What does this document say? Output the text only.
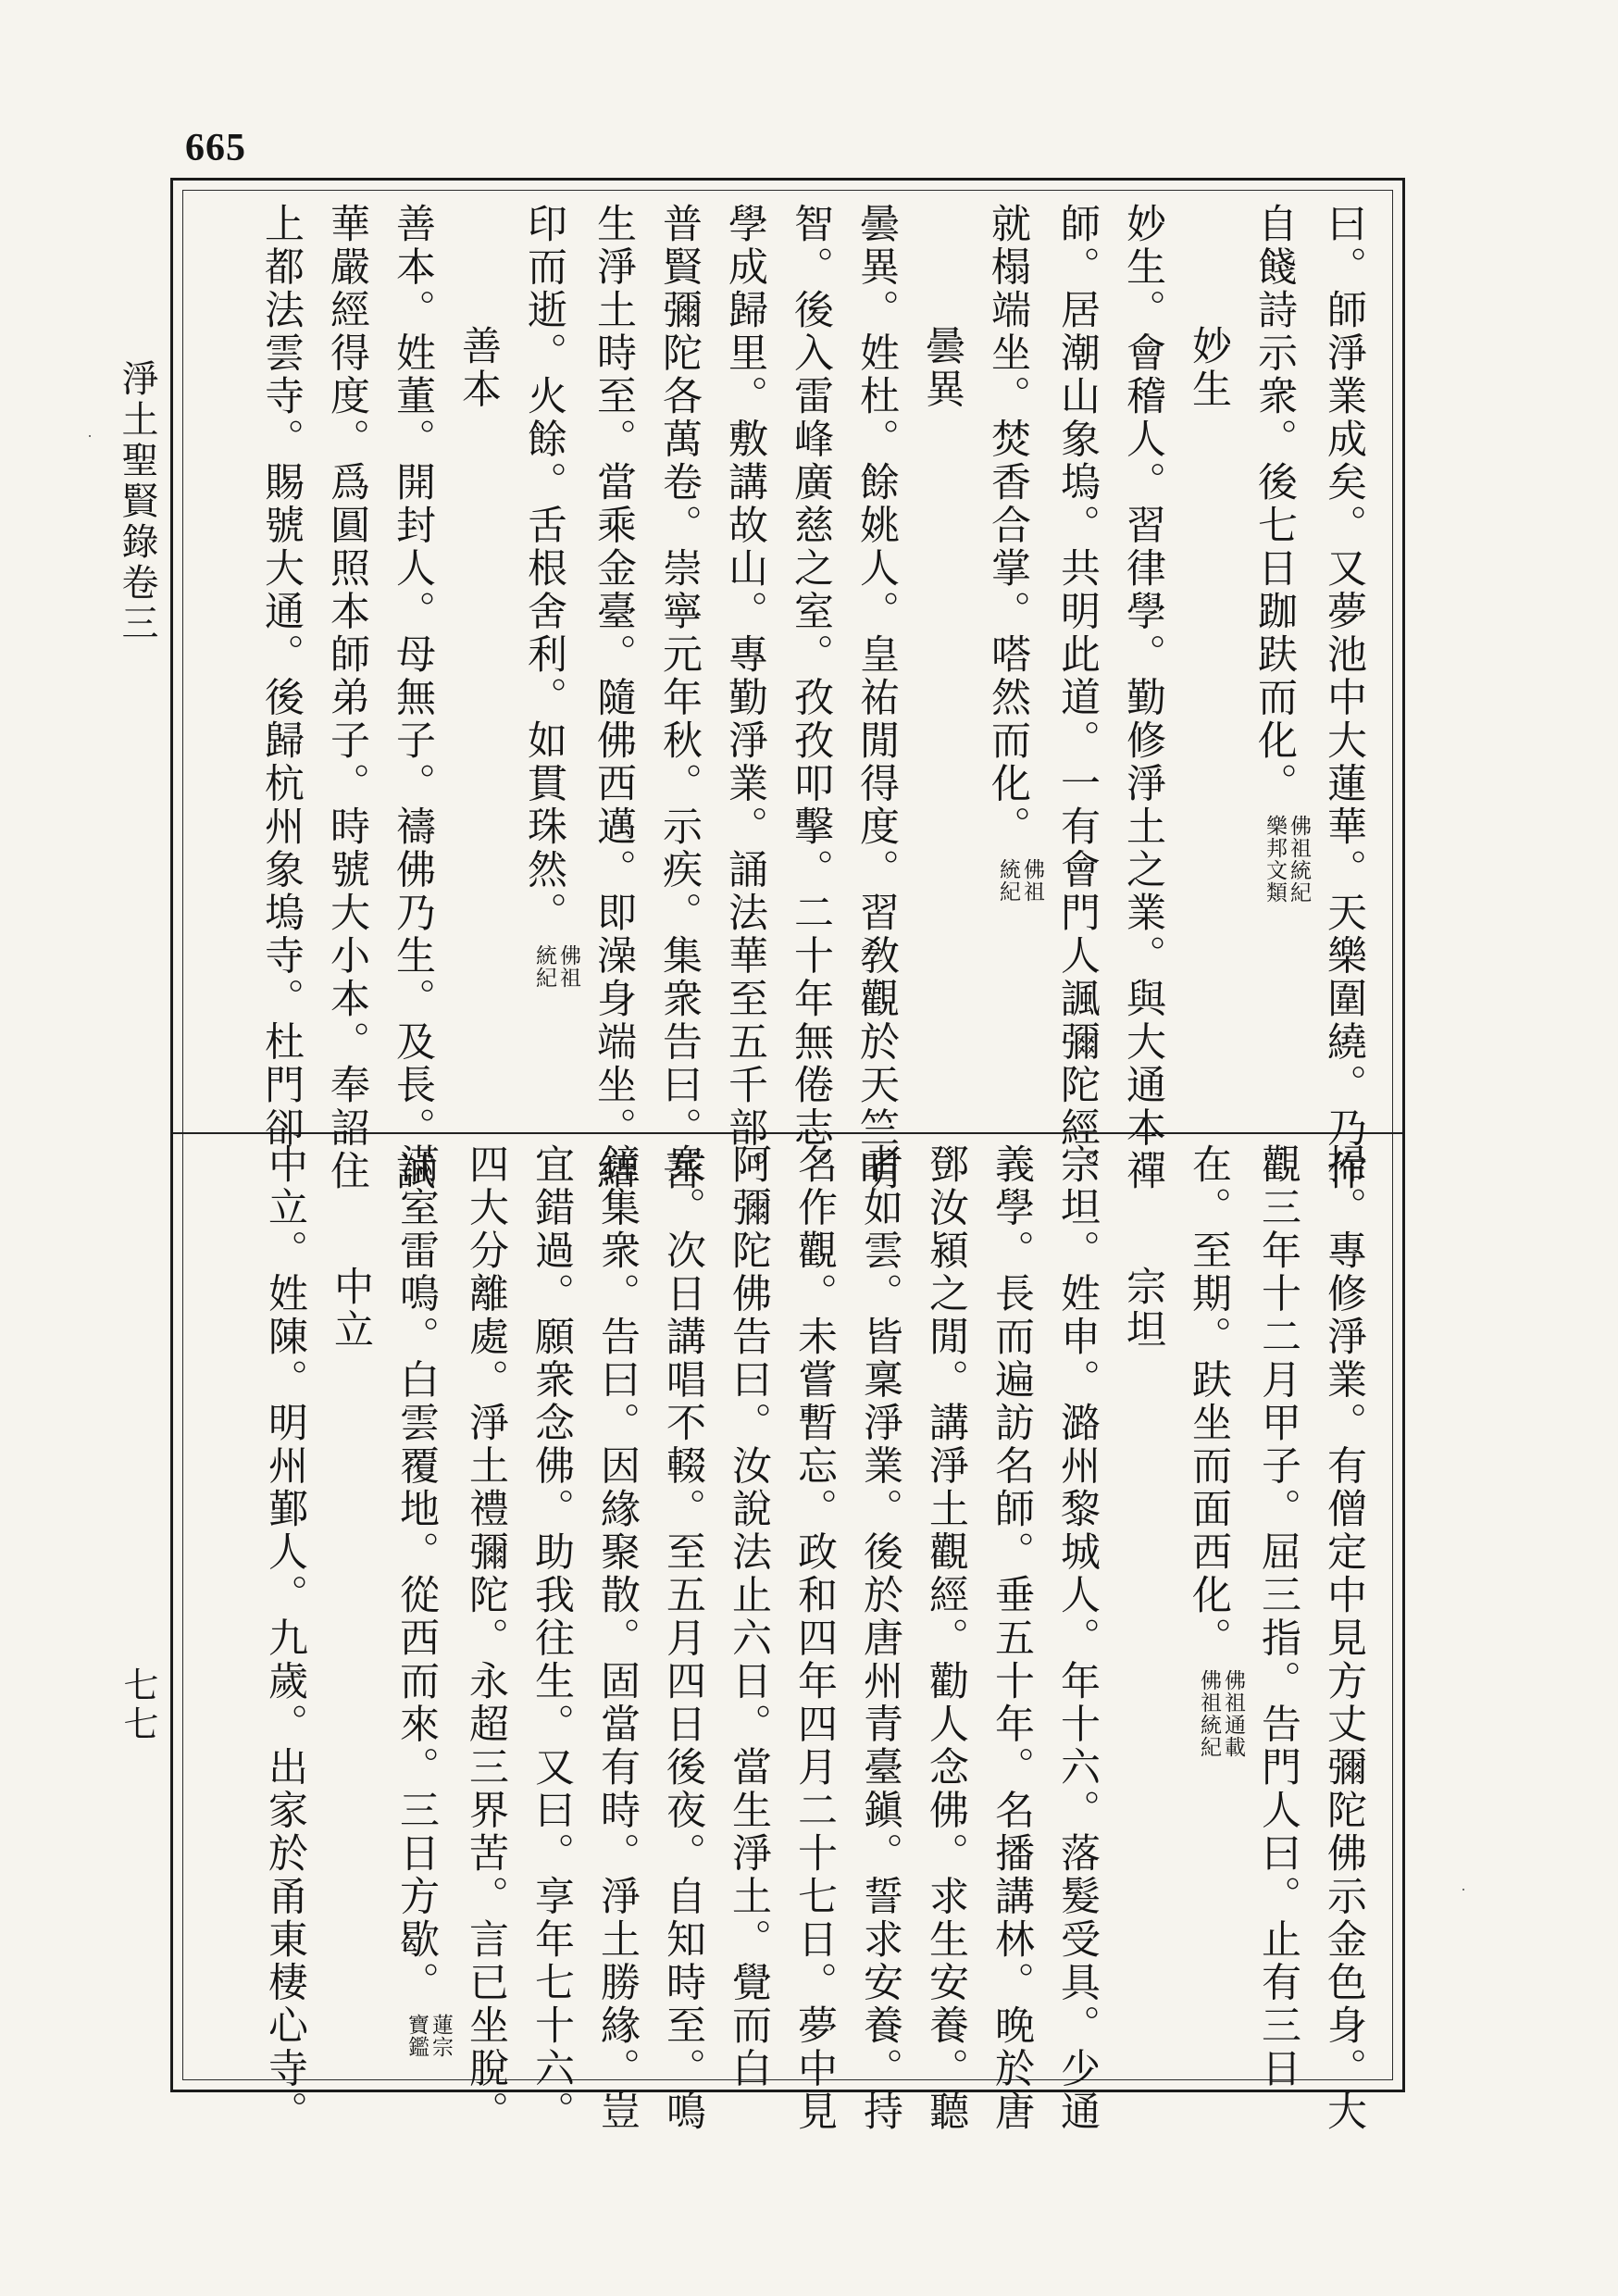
665
淨土聖賢錄卷三
七七
曰。師淨業成矣。又夢池中大蓮華。天樂圍繞。乃作
自餞詩示衆。後七日跏趺而化。
佛祖統紀
樂邦文類
妙生
妙生。會稽人。習律學。勤修淨土之業。與大通本禪
師。居潮山象塢。共明此道。一有會門人諷彌陀經。
就榻端坐。焚香合掌。嗒然而化。
佛祖
統紀
曇異
曇異。姓杜。餘姚人。皇祐閒得度。習敎觀於天竺明
智。後入雷峰廣慈之室。孜孜叩擊。二十年無倦志。
學成歸里。敷講故山。專勤淨業。誦法華至五千部。
普賢彌陀各萬卷。崇寧元年秋。示疾。集衆告曰。吾
生淨土時至。當乘金臺。隨佛西邁。即澡身端坐。結
印而逝。火餘。舌根舍利。如貫珠然。
佛祖
統紀
善本
善本。姓董。開封人。母無子。禱佛乃生。及長。試
華嚴經得度。爲圓照本師弟子。時號大小本。奉詔住
上都法雲寺。賜號大通。後歸杭州象塢寺。杜門卻
掃。專修淨業。有僧定中見方丈彌陀佛示金色身。大
觀三年十二月甲子。屈三指。告門人曰。止有三日
在。至期。趺坐而面西化。
佛祖通載
佛祖統紀
宗坦
宗坦。姓申。潞州黎城人。年十六。落髮受具。少通
義學。長而遍訪名師。垂五十年。名播講林。晚於唐
鄧汝潁之閒。講淨土觀經。勸人念佛。求生安養。聽
者如雲。皆稟淨業。後於唐州青臺鎭。誓求安養。持
名作觀。未嘗暫忘。政和四年四月二十七日。夢中見
阿彌陀佛告曰。汝說法止六日。當生淨土。覺而白
衆。次日講唱不輟。至五月四日後夜。自知時至。鳴
鐘集衆。告曰。因緣聚散。固當有時。淨土勝緣。豈
宜錯過。願衆念佛。助我往生。又曰。享年七十六。
四大分離處。淨土禮彌陀。永超三界苦。言已坐脫。
滿室雷鳴。白雲覆地。從西而來。三日方歇。
蓮宗
寶鑑
中立
中立。姓陳。明州鄞人。九歲。出家於甬東棲心寺。
